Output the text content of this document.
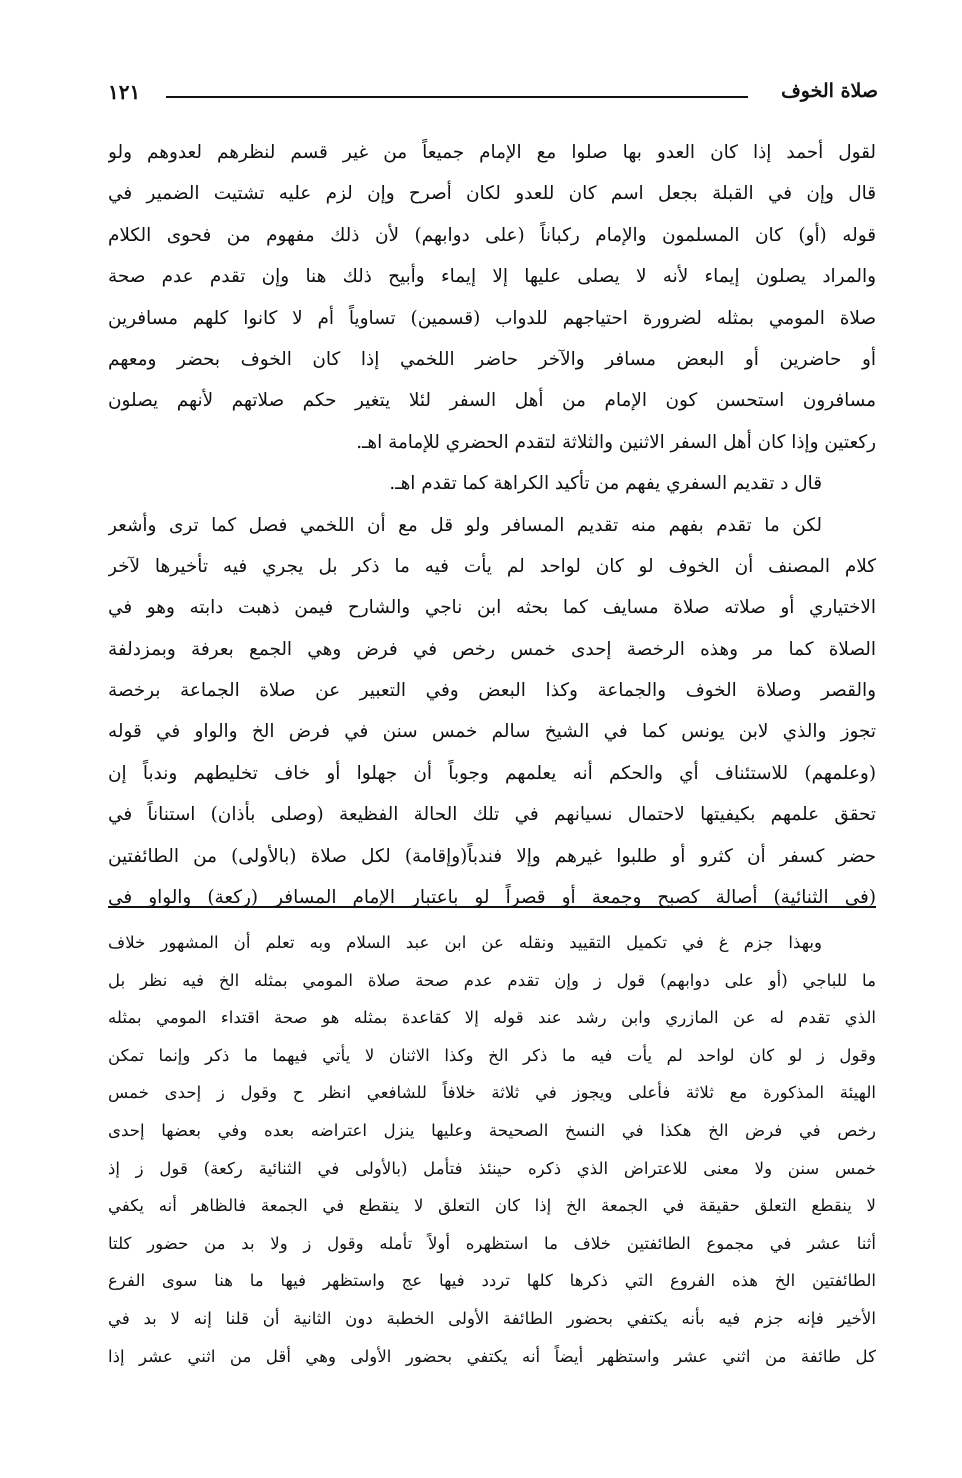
صلاة الخوف
١٢١
لقول أحمد إذا كان العدو بها صلوا مع الإمام جميعاً من غير قسم لنظرهم لعدوهم ولو
قال وإن في القبلة بجعل اسم كان للعدو لكان أصرح وإن لزم عليه تشتيت الضمير في
قوله (أو) كان المسلمون والإمام ركباناً (على دوابهم) لأن ذلك مفهوم من فحوى الكلام
والمراد يصلون إيماء لأنه لا يصلى عليها إلا إيماء وأبيح ذلك هنا وإن تقدم عدم صحة
صلاة المومي بمثله لضرورة احتياجهم للدواب (قسمين) تساوياً أم لا كانوا كلهم مسافرين
أو حاضرين أو البعض مسافر والآخر حاضر اللخمي إذا كان الخوف بحضر ومعهم
مسافرون استحسن كون الإمام من أهل السفر لئلا يتغير حكم صلاتهم لأنهم يصلون
ركعتين وإذا كان أهل السفر الاثنين والثلاثة لتقدم الحضري للإمامة اهـ.
قال د تقديم السفري يفهم من تأكيد الكراهة كما تقدم اهـ.
لكن ما تقدم بفهم منه تقديم المسافر ولو قل مع أن اللخمي فصل كما ترى وأشعر
كلام المصنف أن الخوف لو كان لواحد لم يأت فيه ما ذكر بل يجري فيه تأخيرها لآخر
الاختياري أو صلاته صلاة مسايف كما بحثه ابن ناجي والشارح فيمن ذهبت دابته وهو في
الصلاة كما مر وهذه الرخصة إحدى خمس رخص في فرض وهي الجمع بعرفة وبمزدلفة
والقصر وصلاة الخوف والجماعة وكذا البعض وفي التعبير عن صلاة الجماعة برخصة
تجوز والذي لابن يونس كما في الشيخ سالم خمس سنن في فرض الخ والواو في قوله
(وعلمهم) للاستئناف أي والحكم أنه يعلمهم وجوباً أن جهلوا أو خاف تخليطهم وندباً إن
تحقق علمهم بكيفيتها لاحتمال نسيانهم في تلك الحالة الفظيعة (وصلى بأذان) استناناً في
حضر كسفر أن كثرو أو طلبوا غيرهم وإلا فندباً(وإقامة) لكل صلاة (بالأولى) من الطائفتين
(في الثنائية) أصالة كصبح وجمعة أو قصراً لو باعتبار الإمام المسافر (ركعة) والواو في
وبهذا جزم غ في تكميل التقييد ونقله عن ابن عبد السلام وبه تعلم أن المشهور خلاف
ما للباجي (أو على دوابهم) قول ز وإن تقدم عدم صحة صلاة المومي بمثله الخ فيه نظر بل
الذي تقدم له عن المازري وابن رشد عند قوله إلا كقاعدة بمثله هو صحة اقتداء المومي بمثله
وقول ز لو كان لواحد لم يأت فيه ما ذكر الخ وكذا الاثنان لا يأتي فيهما ما ذكر وإنما تمكن
الهيئة المذكورة مع ثلاثة فأعلى ويجوز في ثلاثة خلافاً للشافعي انظر ح وقول ز إحدى خمس
رخص في فرض الخ هكذا في النسخ الصحيحة وعليها ينزل اعتراضه بعده وفي بعضها إحدى
خمس سنن ولا معنى للاعتراض الذي ذكره حينئذ فتأمل (بالأولى في الثنائية ركعة) قول ز إذ
لا ينقطع التعلق حقيقة في الجمعة الخ إذا كان التعلق لا ينقطع في الجمعة فالظاهر أنه يكفي
أثنا عشر في مجموع الطائفتين خلاف ما استظهره أولاً تأمله وقول ز ولا بد من حضور كلتا
الطائفتين الخ هذه الفروع التي ذكرها كلها تردد فيها عج واستظهر فيها ما هنا سوى الفرع
الأخير فإنه جزم فيه بأنه يكتفي بحضور الطائفة الأولى الخطبة دون الثانية أن قلنا إنه لا بد في
كل طائفة من اثني عشر واستظهر أيضاً أنه يكتفي بحضور الأولى وهي أقل من اثني عشر إذا
